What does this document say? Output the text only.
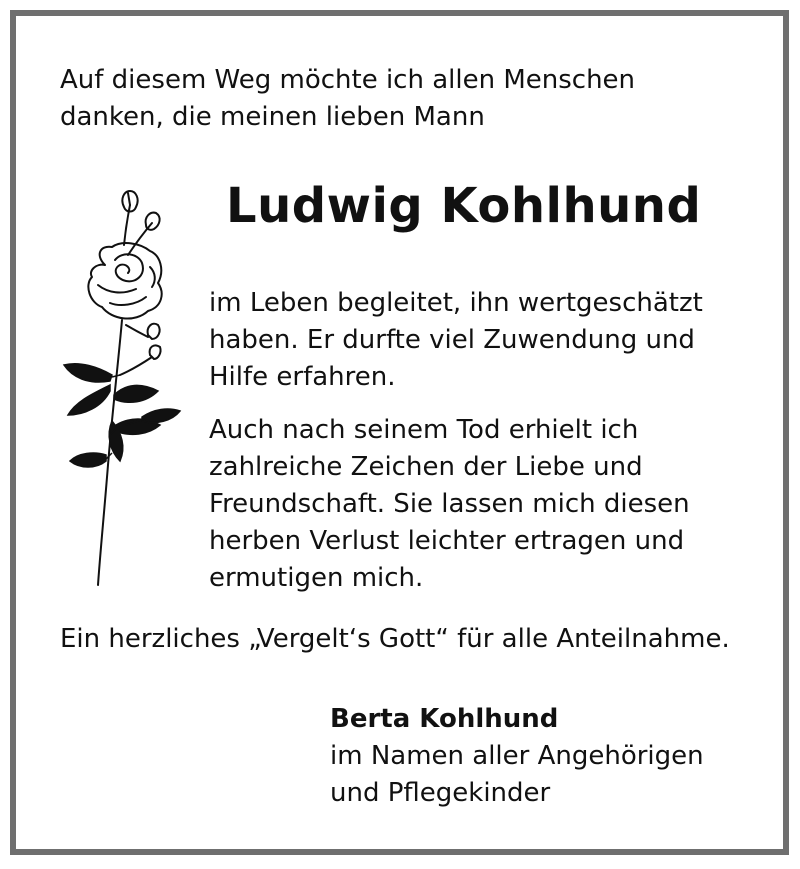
Auf diesem Weg möchte ich allen Menschen
danken, die meinen lieben Mann

Ludwig Kohlhund

im Leben begleitet, ihn wertgeschätzt
haben. Er durfte viel Zuwendung und
Hilfe erfahren.

Auch nach seinem Tod erhielt ich
zahlreiche Zeichen der Liebe und
Freundschaft. Sie lassen mich diesen
herben Verlust leichter ertragen und
ermutigen mich.

Ein herzliches „Vergelt‘s Gott“ für alle Anteilnahme.

Berta Kohlhund
im Namen aller Angehörigen
und Pflegekinder
